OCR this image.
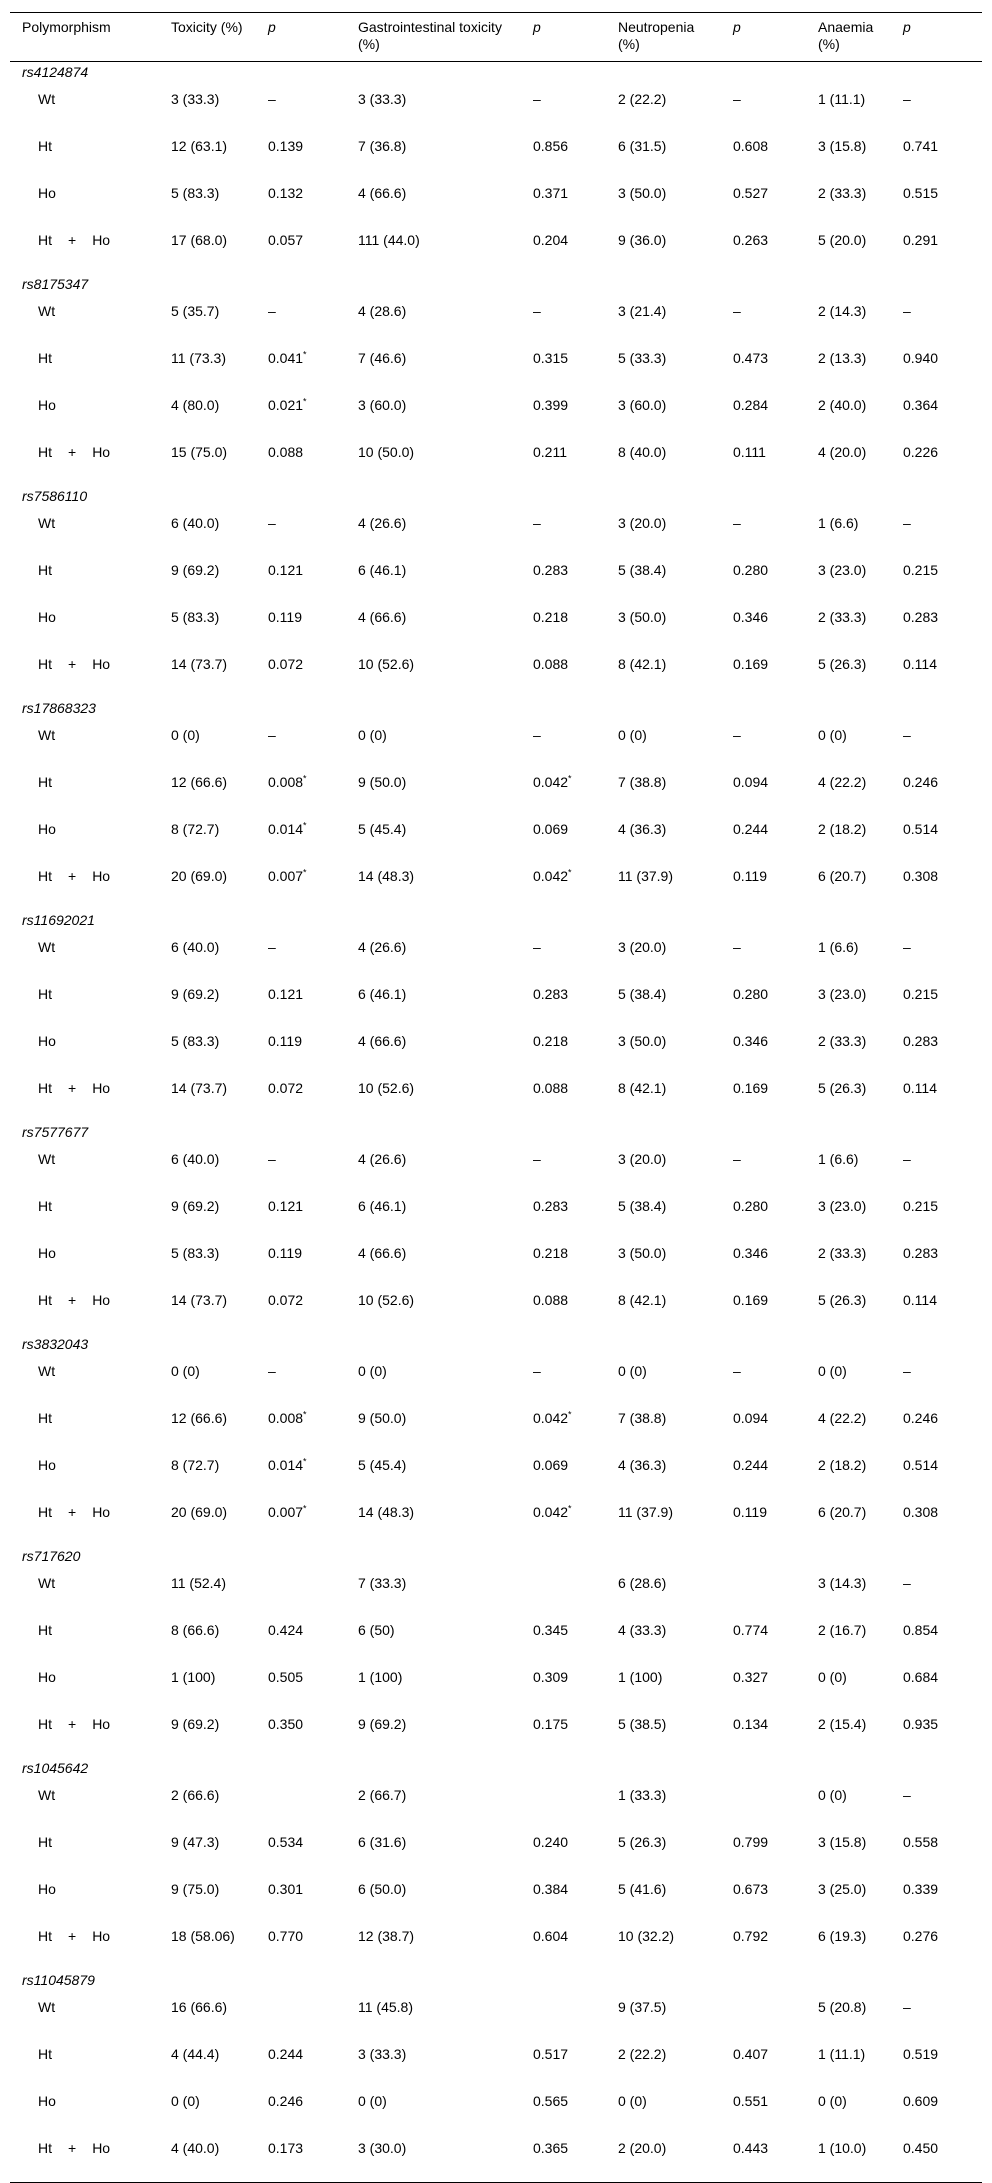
Polymorphism	Toxicity (%)	p	Gastrointestinal toxicity (%)	p	Neutropenia (%)	p	Anaemia (%)	p
rs4124874								
Wt	3 (33.3)	–	3 (33.3)	–	2 (22.2)	–	1 (11.1)	–
Ht	12 (63.1)	0.139	7 (36.8)	0.856	6 (31.5)	0.608	3 (15.8)	0.741
Ho	5 (83.3)	0.132	4 (66.6)	0.371	3 (50.0)	0.527	2 (33.3)	0.515
Ht + Ho	17 (68.0)	0.057	111 (44.0)	0.204	9 (36.0)	0.263	5 (20.0)	0.291
rs8175347								
Wt	5 (35.7)	–	4 (28.6)	–	3 (21.4)	–	2 (14.3)	–
Ht	11 (73.3)	0.041*	7 (46.6)	0.315	5 (33.3)	0.473	2 (13.3)	0.940
Ho	4 (80.0)	0.021*	3 (60.0)	0.399	3 (60.0)	0.284	2 (40.0)	0.364
Ht + Ho	15 (75.0)	0.088	10 (50.0)	0.211	8 (40.0)	0.111	4 (20.0)	0.226
rs7586110								
Wt	6 (40.0)	–	4 (26.6)	–	3 (20.0)	–	1 (6.6)	–
Ht	9 (69.2)	0.121	6 (46.1)	0.283	5 (38.4)	0.280	3 (23.0)	0.215
Ho	5 (83.3)	0.119	4 (66.6)	0.218	3 (50.0)	0.346	2 (33.3)	0.283
Ht + Ho	14 (73.7)	0.072	10 (52.6)	0.088	8 (42.1)	0.169	5 (26.3)	0.114
rs17868323								
Wt	0 (0)	–	0 (0)	–	0 (0)	–	0 (0)	–
Ht	12 (66.6)	0.008*	9 (50.0)	0.042*	7 (38.8)	0.094	4 (22.2)	0.246
Ho	8 (72.7)	0.014*	5 (45.4)	0.069	4 (36.3)	0.244	2 (18.2)	0.514
Ht + Ho	20 (69.0)	0.007*	14 (48.3)	0.042*	11 (37.9)	0.119	6 (20.7)	0.308
rs11692021								
Wt	6 (40.0)	–	4 (26.6)	–	3 (20.0)	–	1 (6.6)	–
Ht	9 (69.2)	0.121	6 (46.1)	0.283	5 (38.4)	0.280	3 (23.0)	0.215
Ho	5 (83.3)	0.119	4 (66.6)	0.218	3 (50.0)	0.346	2 (33.3)	0.283
Ht + Ho	14 (73.7)	0.072	10 (52.6)	0.088	8 (42.1)	0.169	5 (26.3)	0.114
rs7577677								
Wt	6 (40.0)	–	4 (26.6)	–	3 (20.0)	–	1 (6.6)	–
Ht	9 (69.2)	0.121	6 (46.1)	0.283	5 (38.4)	0.280	3 (23.0)	0.215
Ho	5 (83.3)	0.119	4 (66.6)	0.218	3 (50.0)	0.346	2 (33.3)	0.283
Ht + Ho	14 (73.7)	0.072	10 (52.6)	0.088	8 (42.1)	0.169	5 (26.3)	0.114
rs3832043								
Wt	0 (0)	–	0 (0)	–	0 (0)	–	0 (0)	–
Ht	12 (66.6)	0.008*	9 (50.0)	0.042*	7 (38.8)	0.094	4 (22.2)	0.246
Ho	8 (72.7)	0.014*	5 (45.4)	0.069	4 (36.3)	0.244	2 (18.2)	0.514
Ht + Ho	20 (69.0)	0.007*	14 (48.3)	0.042*	11 (37.9)	0.119	6 (20.7)	0.308
rs717620								
Wt	11 (52.4)		7 (33.3)		6 (28.6)		3 (14.3)	–
Ht	8 (66.6)	0.424	6 (50)	0.345	4 (33.3)	0.774	2 (16.7)	0.854
Ho	1 (100)	0.505	1 (100)	0.309	1 (100)	0.327	0 (0)	0.684
Ht + Ho	9 (69.2)	0.350	9 (69.2)	0.175	5 (38.5)	0.134	2 (15.4)	0.935
rs1045642								
Wt	2 (66.6)		2 (66.7)		1 (33.3)		0 (0)	–
Ht	9 (47.3)	0.534	6 (31.6)	0.240	5 (26.3)	0.799	3 (15.8)	0.558
Ho	9 (75.0)	0.301	6 (50.0)	0.384	5 (41.6)	0.673	3 (25.0)	0.339
Ht + Ho	18 (58.06)	0.770	12 (38.7)	0.604	10 (32.2)	0.792	6 (19.3)	0.276
rs11045879								
Wt	16 (66.6)		11 (45.8)		9 (37.5)		5 (20.8)	–
Ht	4 (44.4)	0.244	3 (33.3)	0.517	2 (22.2)	0.407	1 (11.1)	0.519
Ho	0 (0)	0.246	0 (0)	0.565	0 (0)	0.551	0 (0)	0.609
Ht + Ho	4 (40.0)	0.173	3 (30.0)	0.365	2 (20.0)	0.443	1 (10.0)	0.450
